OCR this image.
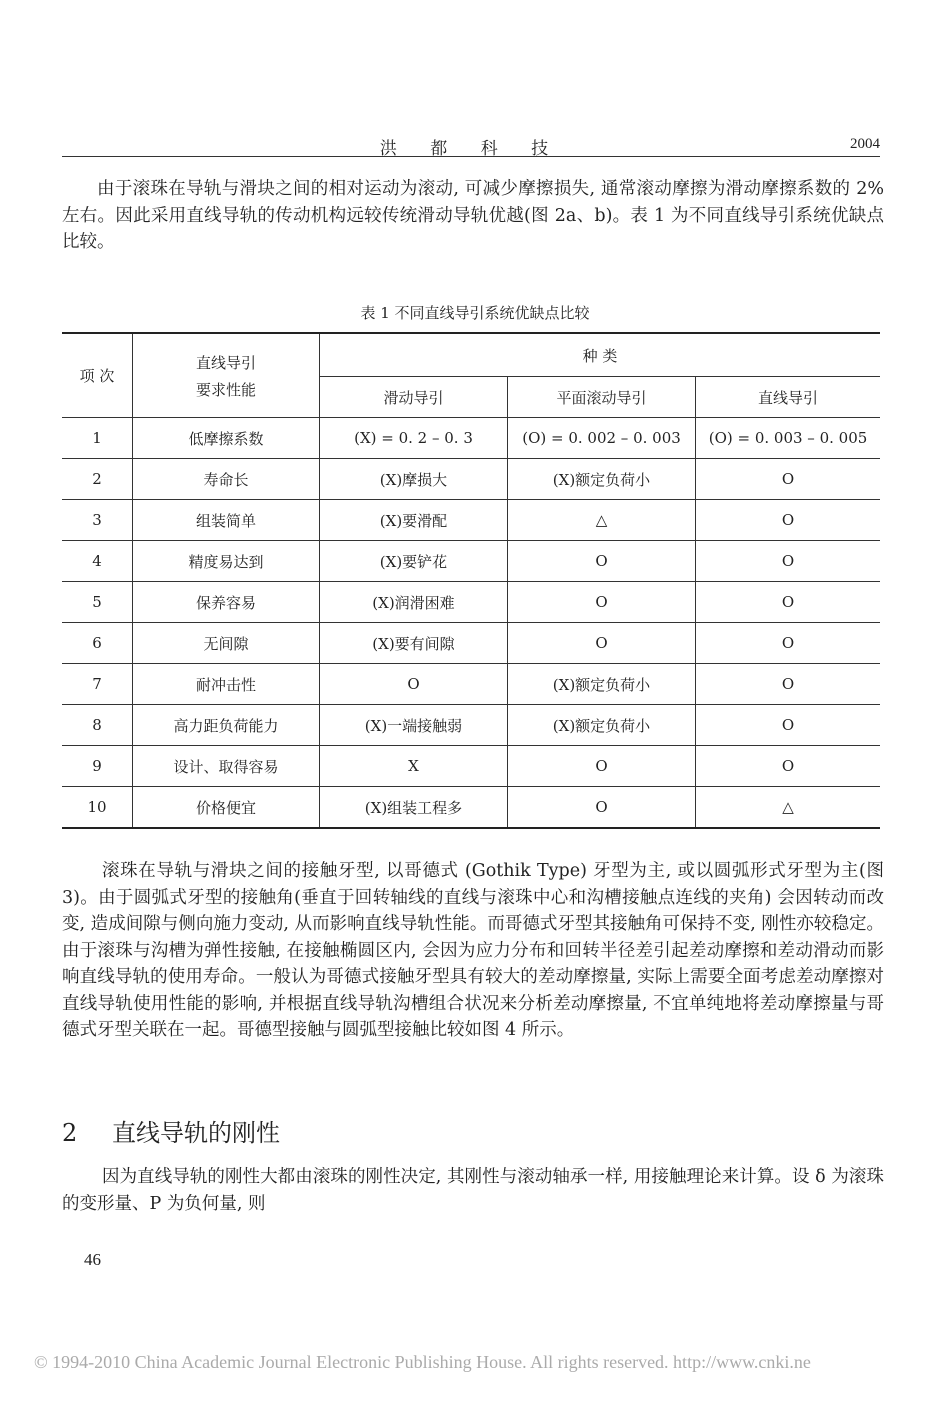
洪 都 科 技	2004
由于滚珠在导轨与滑块之间的相对运动为滚动, 可减少摩擦损失, 通常滚动摩擦为滑动摩擦系数的 2% 左右。因此采用直线导轨的传动机构远较传统滑动导轨优越(图 2a、b)。表 1 为不同直线导引系统优缺点比较。
表 1 不同直线导引系统优缺点比较
项 次	直线导引
要求性能	种 类		
		滑动导引	平面滚动导引	直线导引
1	低摩擦系数	(X) = 0. 2 – 0. 3	(O) = 0. 002 – 0. 003	(O) = 0. 003 – 0. 005
2	寿命长	(X)摩损大	(X)额定负荷小	O
3	组装简单	(X)要滑配	△	O
4	精度易达到	(X)要铲花	O	O
5	保养容易	(X)润滑困难	O	O
6	无间隙	(X)要有间隙	O	O
7	耐冲击性	O	(X)额定负荷小	O
8	高力距负荷能力	(X)一端接触弱	(X)额定负荷小	O
9	设计、取得容易	X	O	O
10	价格便宜	(X)组装工程多	O	△
滚珠在导轨与滑块之间的接触牙型, 以哥德式 (Gothik Type) 牙型为主, 或以圆弧形式牙型为主(图 3)。由于圆弧式牙型的接触角(垂直于回转轴线的直线与滚珠中心和沟槽接触点连线的夹角) 会因转动而改变, 造成间隙与侧向施力变动, 从而影响直线导轨性能。而哥德式牙型其接触角可保持不变, 刚性亦较稳定。由于滚珠与沟槽为弹性接触, 在接触椭圆区内, 会因为应力分布和回转半径差引起差动摩擦和差动滑动而影响直线导轨的使用寿命。一般认为哥德式接触牙型具有较大的差动摩擦量, 实际上需要全面考虑差动摩擦对直线导轨使用性能的影响, 并根据直线导轨沟槽组合状况来分析差动摩擦量, 不宜单纯地将差动摩擦量与哥德式牙型关联在一起。哥德型接触与圆弧型接触比较如图 4 所示。
2 直线导轨的刚性
因为直线导轨的刚性大都由滚珠的刚性决定, 其刚性与滚动轴承一样, 用接触理论来计算。设 δ 为滚珠的变形量、P 为负何量, 则
46
© 1994-2010 China Academic Journal Electronic Publishing House. All rights reserved. http://www.cnki.ne
